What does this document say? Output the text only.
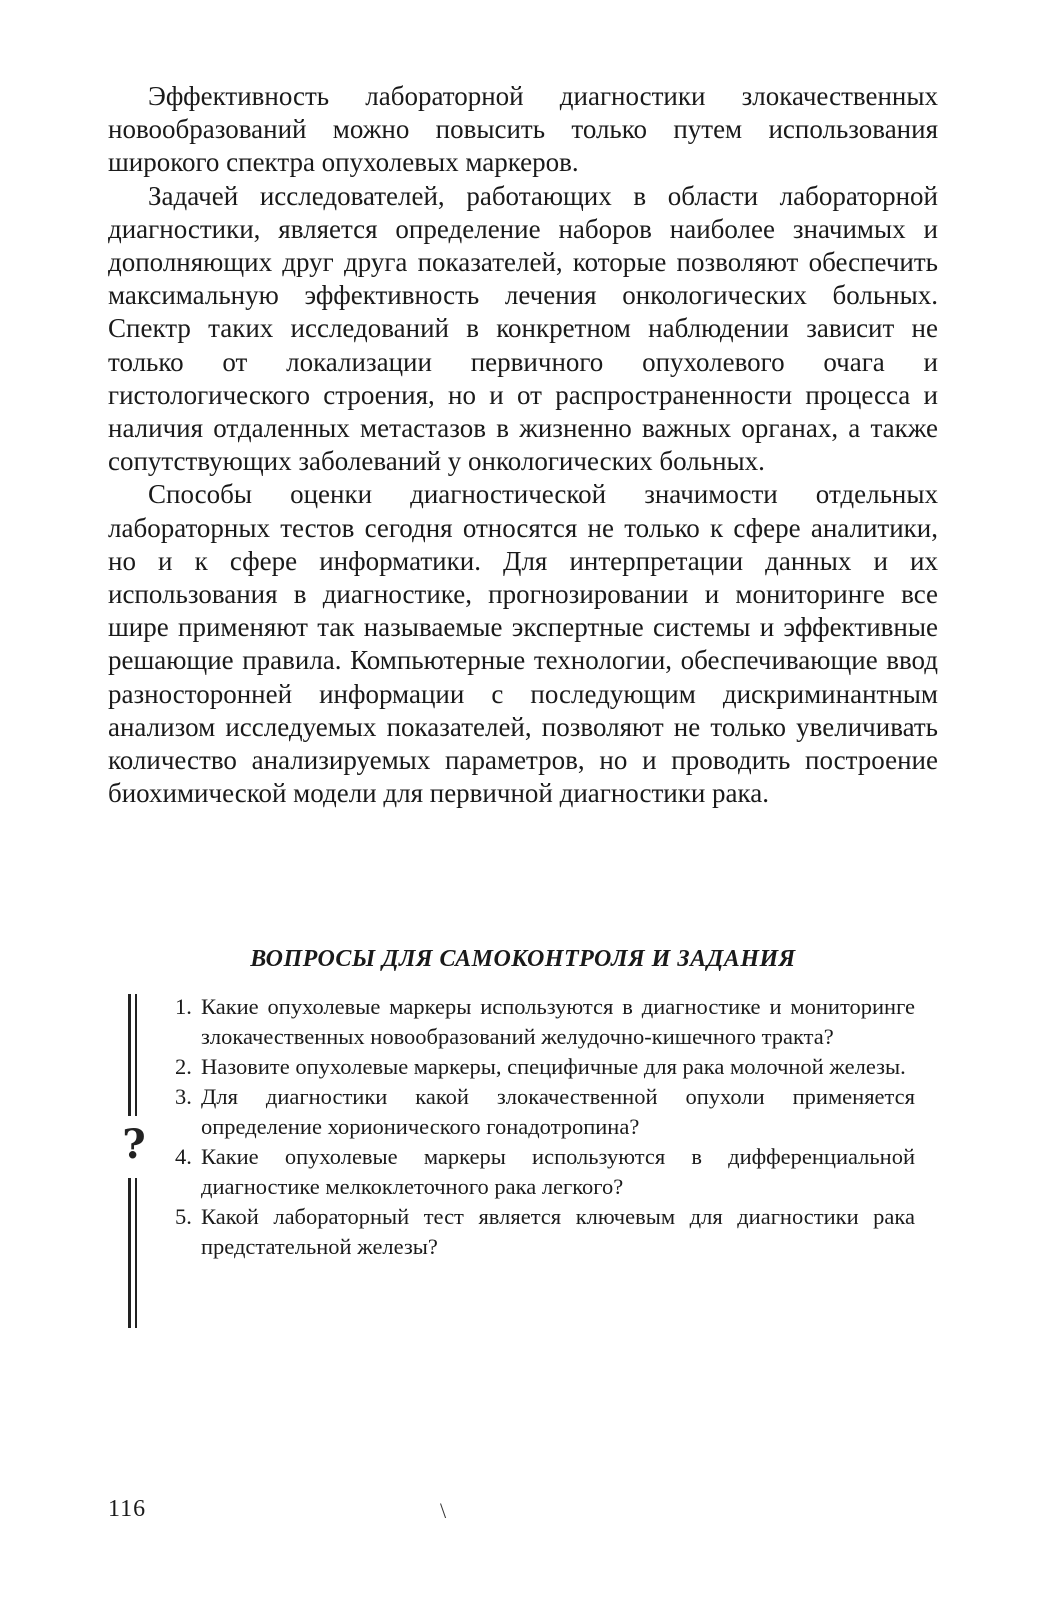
Эффективность лабораторной диагностики злокачественных новообразований можно повысить только путем использования широкого спектра опухолевых маркеров.

Задачей исследователей, работающих в области лабораторной диагностики, является определение наборов наиболее значимых и дополняющих друг друга показателей, которые позволяют обеспечить максимальную эффективность лечения онкологических больных. Спектр таких исследований в конкретном наблюдении зависит не только от локализации первичного опухолевого очага и гистологического строения, но и от распространенности процесса и наличия отдаленных метастазов в жизненно важных органах, а также сопутствующих заболеваний у онкологических больных.

Способы оценки диагностической значимости отдельных лабораторных тестов сегодня относятся не только к сфере аналитики, но и к сфере информатики. Для интерпретации данных и их использования в диагностике, прогнозировании и мониторинге все шире применяют так называемые экспертные системы и эффективные решающие правила. Компьютерные технологии, обеспечивающие ввод разносторонней информации с последующим дискриминантным анализом исследуемых показателей, позволяют не только увеличивать количество анализируемых параметров, но и проводить построение биохимической модели для первичной диагностики рака.

ВОПРОСЫ ДЛЯ САМОКОНТРОЛЯ И ЗАДАНИЯ
?
1. Какие опухолевые маркеры используются в диагностике и мониторинге злокачественных новообразований желудочно-кишечного тракта?
2. Назовите опухолевые маркеры, специфичные для рака молочной железы.
3. Для диагностики какой злокачественной опухоли применяется определение хорионического гонадотропина?
4. Какие опухолевые маркеры используются в дифференциальной диагностике мелкоклеточного рака легкого?
5. Какой лабораторный тест является ключевым для диагностики рака предстательной железы?
116	\
